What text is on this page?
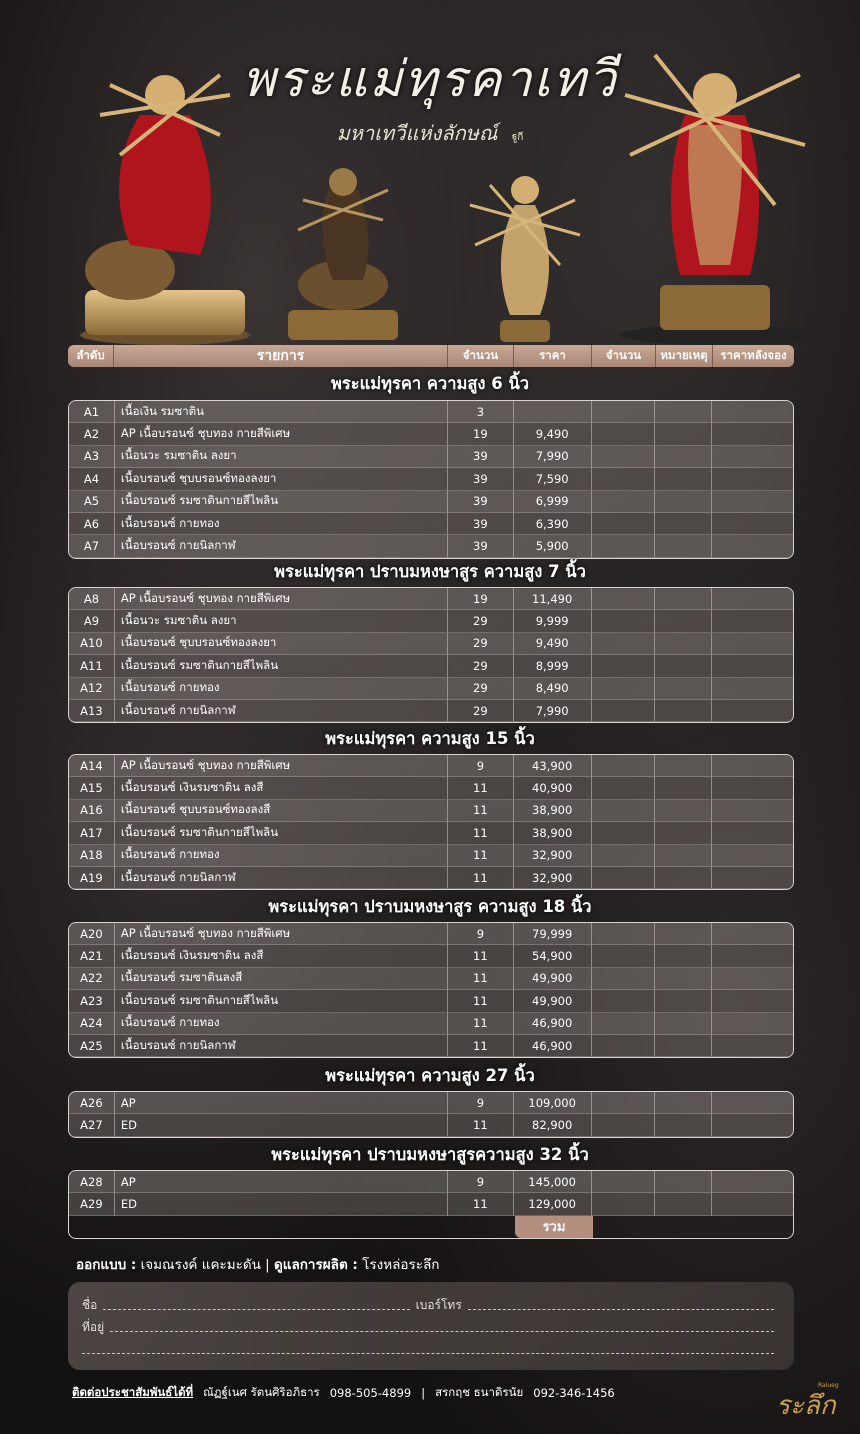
พระแม่ทุรคาเทวี
มหาเทวีแห่งลักษณ์ ฐูกี
ลำดับ	รายการ	จำนวน	ราคา	จำนวน	หมายเหตุ	ราคาหลังจอง
พระแม่ทุรคา ความสูง 6 นิ้ว
A1	เนื้อเงิน รมซาติน	3
A2	AP เนื้อบรอนซ์ ชุบทอง กายสีพิเศษ	19	9,490
A3	เนื้อนวะ รมซาติน ลงยา	39	7,990
A4	เนื้อบรอนซ์ ชุบบรอนซ์ทองลงยา	39	7,590
A5	เนื้อบรอนซ์ รมซาตินกายสีไพลิน	39	6,999
A6	เนื้อบรอนซ์ กายทอง	39	6,390
A7	เนื้อบรอนซ์ กายนิลกาฬ	39	5,900
พระแม่ทุรคา ปราบมหงษาสูร ความสูง 7 นิ้ว
A8	AP เนื้อบรอนซ์ ชุบทอง กายสีพิเศษ	19	11,490
A9	เนื้อนวะ รมซาติน ลงยา	29	9,999
A10	เนื้อบรอนซ์ ชุบบรอนซ์ทองลงยา	29	9,490
A11	เนื้อบรอนซ์ รมซาตินกายสีไพลิน	29	8,999
A12	เนื้อบรอนซ์ กายทอง	29	8,490
A13	เนื้อบรอนซ์ กายนิลกาฬ	29	7,990
พระแม่ทุรคา ความสูง 15 นิ้ว
A14	AP เนื้อบรอนซ์ ชุบทอง กายสีพิเศษ	9	43,900
A15	เนื้อบรอนซ์ เงินรมซาติน ลงสี	11	40,900
A16	เนื้อบรอนซ์ ชุบบรอนซ์ทองลงสี	11	38,900
A17	เนื้อบรอนซ์ รมซาตินกายสีไพลิน	11	38,900
A18	เนื้อบรอนซ์ กายทอง	11	32,900
A19	เนื้อบรอนซ์ กายนิลกาฬ	11	32,900
พระแม่ทุรคา ปราบมหงษาสูร ความสูง 18 นิ้ว
A20	AP เนื้อบรอนซ์ ชุบทอง กายสีพิเศษ	9	79,999
A21	เนื้อบรอนซ์ เงินรมซาติน ลงสี	11	54,900
A22	เนื้อบรอนซ์ รมซาตินลงสี	11	49,900
A23	เนื้อบรอนซ์ รมซาตินกายสีไพลิน	11	49,900
A24	เนื้อบรอนซ์ กายทอง	11	46,900
A25	เนื้อบรอนซ์ กายนิลกาฬ	11	46,900
พระแม่ทุรคา ความสูง 27 นิ้ว
A26	AP	9	109,000
A27	ED	11	82,900
พระแม่ทุรคา ปราบมหงษาสูรความสูง 32 นิ้ว
A28	AP	9	145,000
A29	ED	11	129,000
รวม
ออกแบบ : เจมณรงค์ แคะมะดัน | ดูแลการผลิต : โรงหล่อระลึก
ชื่อ	เบอร์โทร
ที่อยู่
ติดต่อประชาสัมพันธ์ได้ที่ ณัฏฐ์เนศ รัตนศิริอภิธาร 098-505-4899 | สรกฤช ธนาดิรนัย 092-346-1456
Ralueg
ระลึก
